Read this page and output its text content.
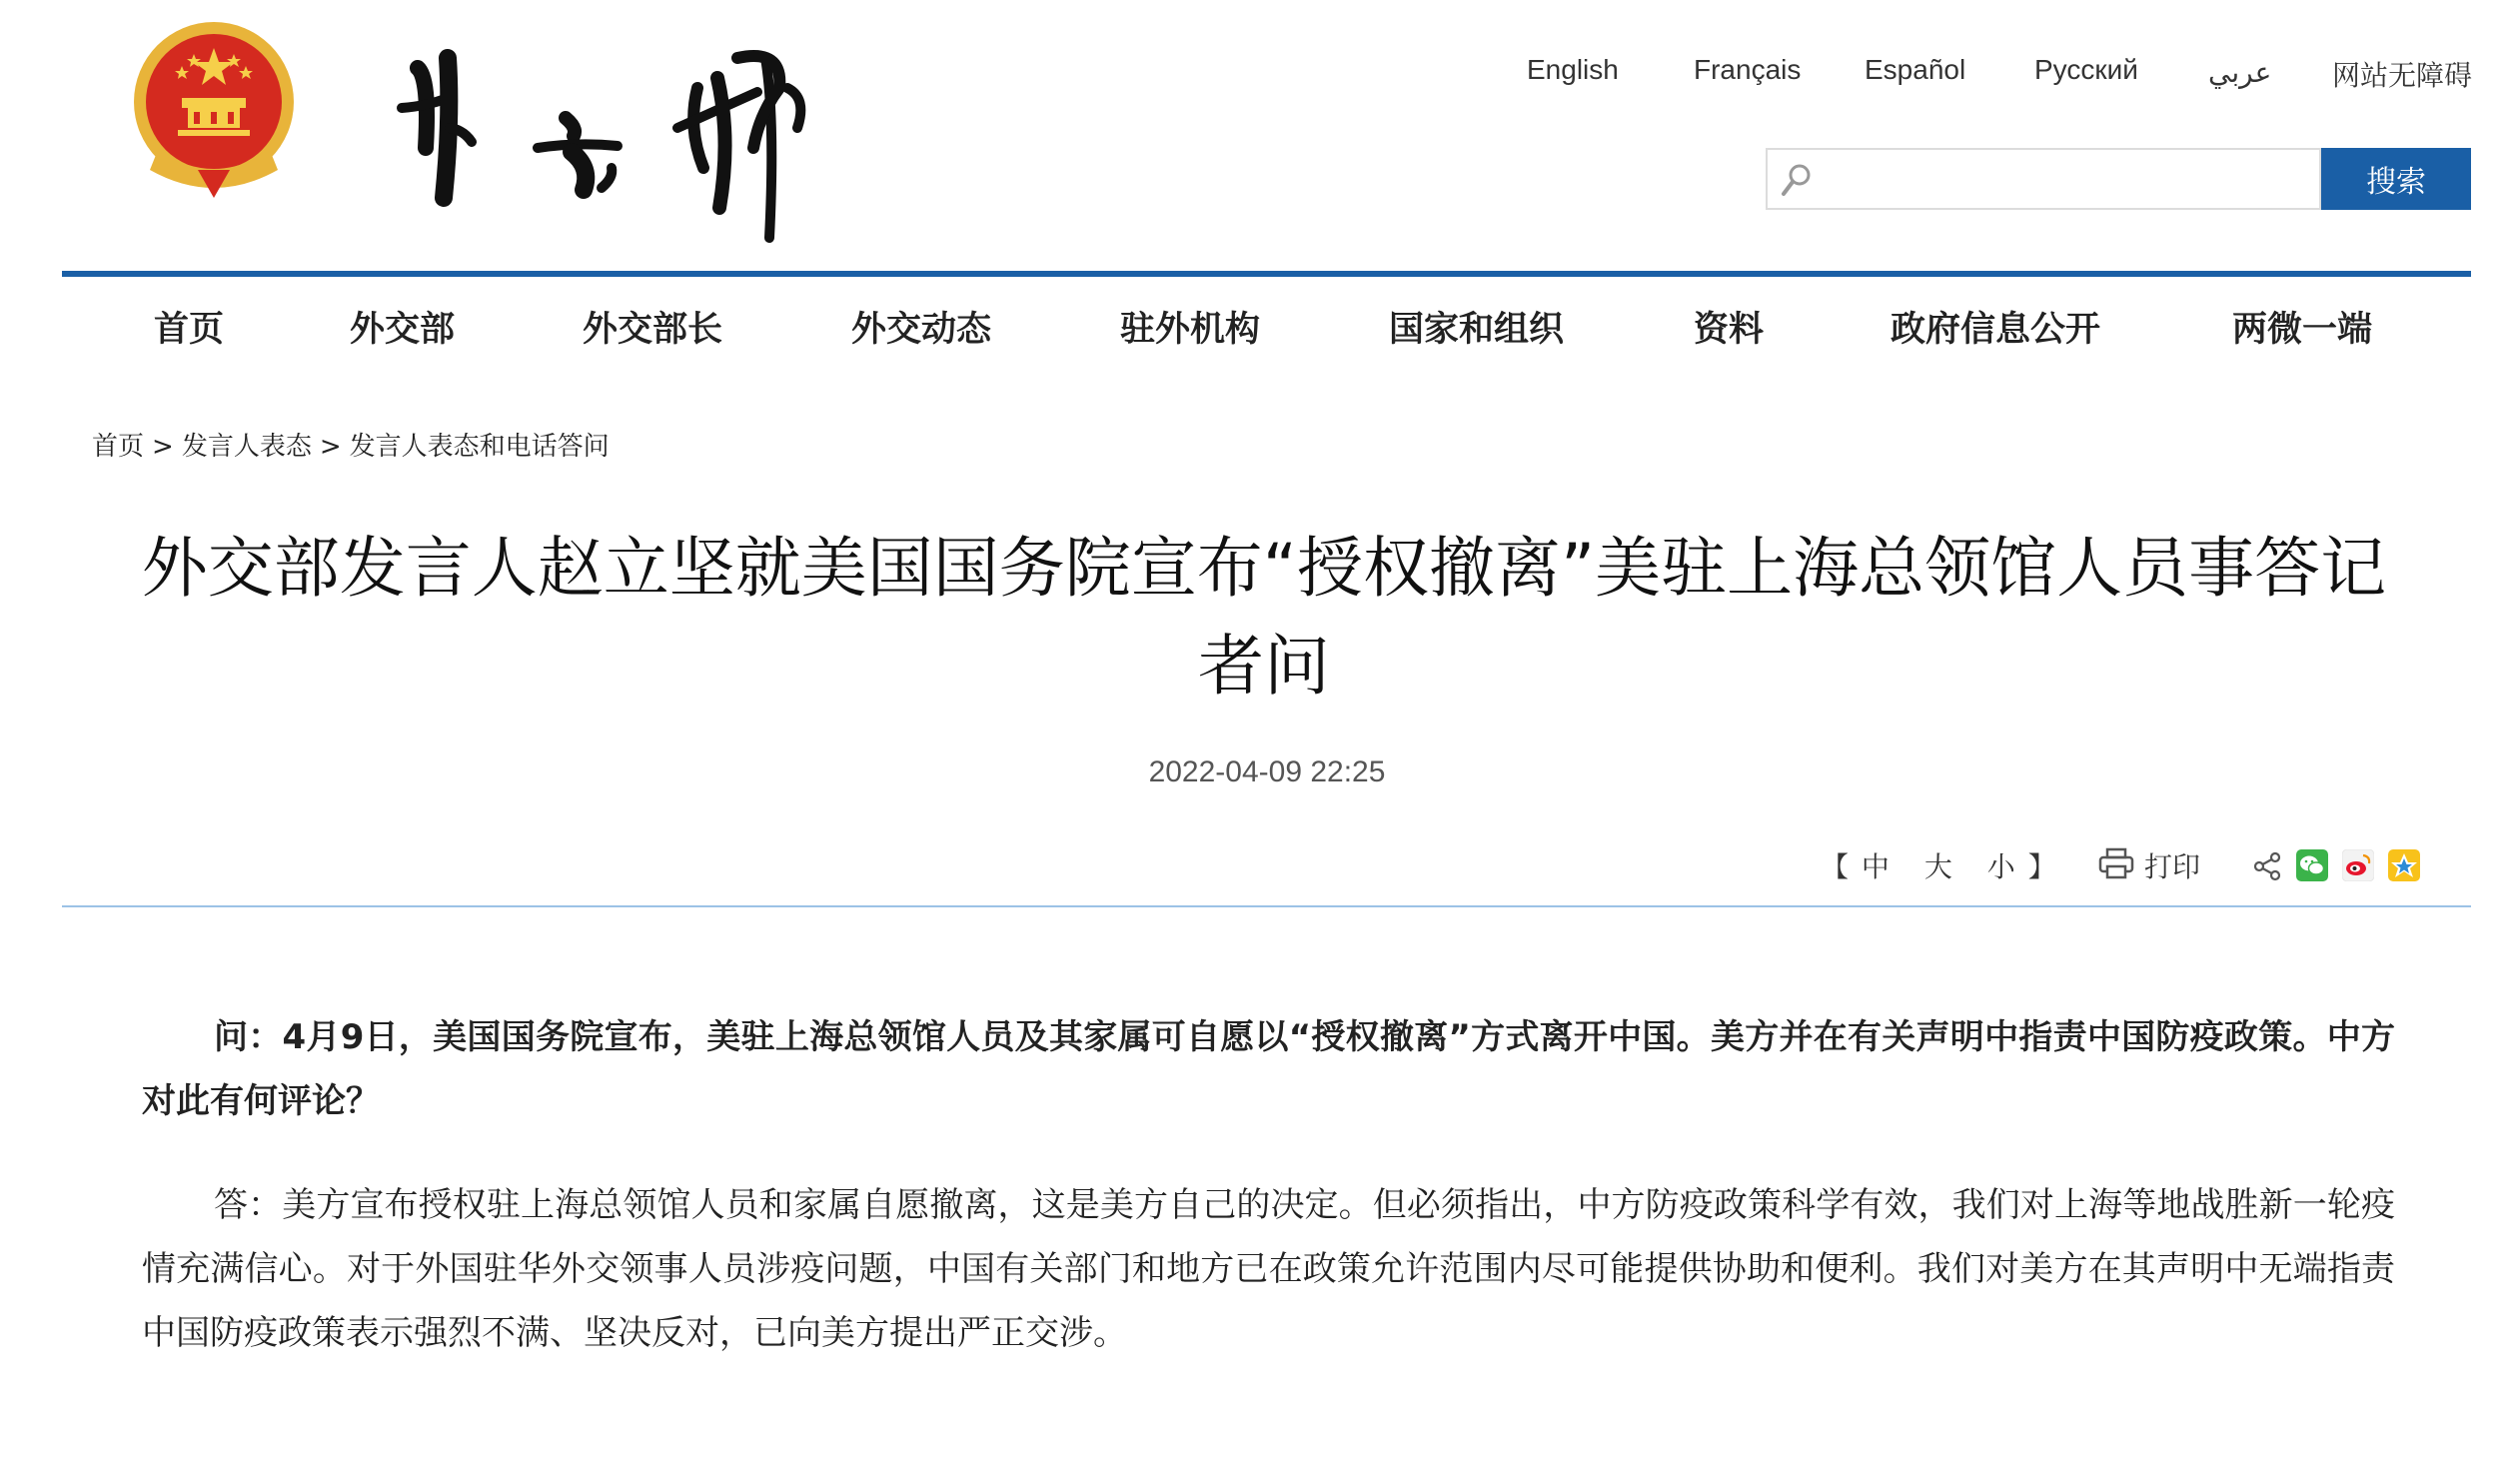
English	Français Español Русский	عربي 网站无障碍
搜索
首页	外交部	外交部长	外交动态	驻外机构	国家和组织	资料	政府信息公开	两微一端
首页 > 发言人表态 > 发言人表态和电话答问
外交部发言人赵立坚就美国国务院宣布“授权撤离”美驻上海总领馆人员事答记者问
2022-04-09 22:25
【 中 大 小 】	打印

问：4月9日，美国国务院宣布，美驻上海总领馆人员及其家属可自愿以“授权撤离”方式离开中国。美方并在有关声明中指责中国防疫政策。中方对此有何评论？

答：美方宣布授权驻上海总领馆人员和家属自愿撤离，这是美方自己的决定。但必须指出，中方防疫政策科学有效，我们对上海等地战胜新一轮疫情充满信心。对于外国驻华外交领事人员涉疫问题，中国有关部门和地方已在政策允许范围内尽可能提供协助和便利。我们对美方在其声明中无端指责中国防疫政策表示强烈不满、坚决反对，已向美方提出严正交涉。
